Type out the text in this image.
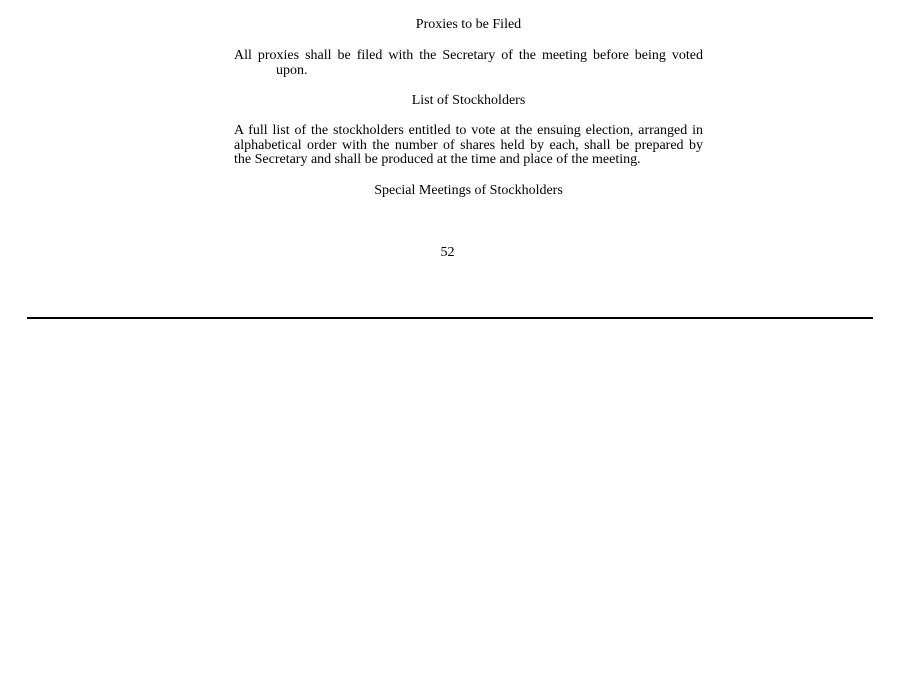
Proxies to be Filed
All proxies shall be filed with the Secretary of the meeting before being voted
upon.
List of Stockholders
A full list of the stockholders entitled to vote at the ensuing election, arranged in
alphabetical order with the number of shares held by each, shall be prepared by
the Secretary and shall be produced at the time and place of the meeting.
Special Meetings of Stockholders
52
